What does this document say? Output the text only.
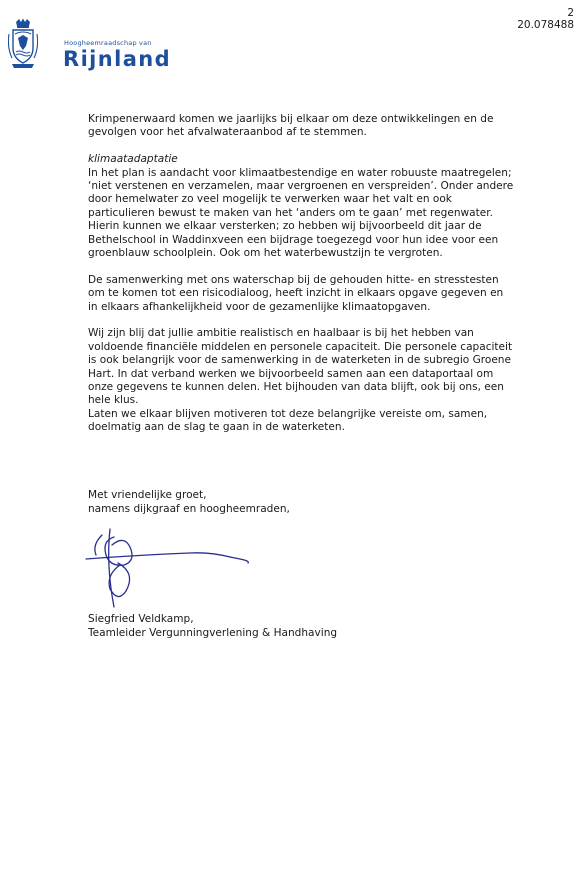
2
20.078488
Hoogheemraadschap van
Rijnland

Krimpenerwaard komen we jaarlijks bij elkaar om deze ontwikkelingen en de
gevolgen voor het afvalwateraanbod af te stemmen.

klimaatadaptatie
In het plan is aandacht voor klimaatbestendige en water robuuste maatregelen;
‘niet verstenen en verzamelen, maar vergroenen en verspreiden’. Onder andere
door hemelwater zo veel mogelijk te verwerken waar het valt en ook
particulieren bewust te maken van het ‘anders om te gaan’ met regenwater.
Hierin kunnen we elkaar versterken; zo hebben wij bijvoorbeeld dit jaar de
Bethelschool in Waddinxveen een bijdrage toegezegd voor hun idee voor een
groenblauw schoolplein. Ook om het waterbewustzijn te vergroten.

De samenwerking met ons waterschap bij de gehouden hitte- en stresstesten
om te komen tot een risicodialoog, heeft inzicht in elkaars opgave gegeven en
in elkaars afhankelijkheid voor de gezamenlijke klimaatopgaven.

Wij zijn blij dat jullie ambitie realistisch en haalbaar is bij het hebben van
voldoende financiële middelen en personele capaciteit. Die personele capaciteit
is ook belangrijk voor de samenwerking in de waterketen in de subregio Groene
Hart. In dat verband werken we bijvoorbeeld samen aan een dataportaal om
onze gegevens te kunnen delen. Het bijhouden van data blijft, ook bij ons, een
hele klus.
Laten we elkaar blijven motiveren tot deze belangrijke vereiste om, samen,
doelmatig aan de slag te gaan in de waterketen.

Met vriendelijke groet,
namens dijkgraaf en hoogheemraden,
Siegfried Veldkamp,
Teamleider Vergunningverlening & Handhaving
